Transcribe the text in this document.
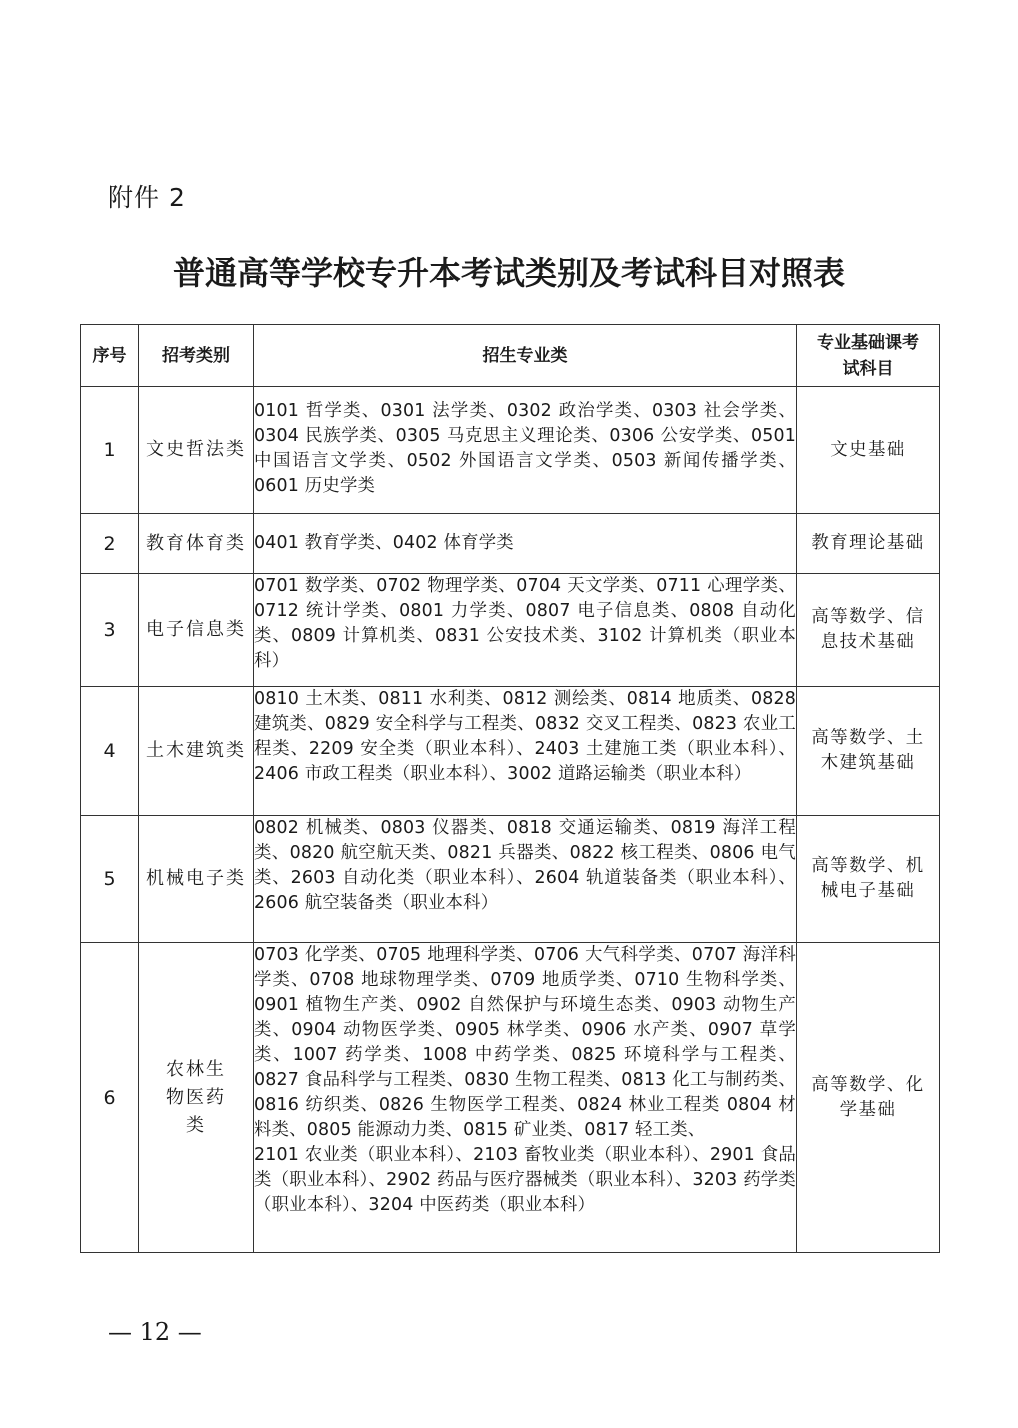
附件 2
普通高等学校专升本考试类别及考试科目对照表
序号	招考类别	招生专业类	专业基础课考试科目
1	文史哲法类	0101 哲学类、0301 法学类、0302 政治学类、0303 社会学类、0304 民族学类、0305 马克思主义理论类、0306 公安学类、0501 中国语言文学类、0502 外国语言文学类、0503 新闻传播学类、0601 历史学类	文史基础
2	教育体育类	0401 教育学类、0402 体育学类	教育理论基础
3	电子信息类	0701 数学类、0702 物理学类、0704 天文学类、0711 心理学类、0712 统计学类、0801 力学类、0807 电子信息类、0808 自动化类、0809 计算机类、0831 公安技术类、3102 计算机类（职业本科）	高等数学、信息技术基础
4	土木建筑类	0810 土木类、0811 水利类、0812 测绘类、0814 地质类、0828 建筑类、0829 安全科学与工程类、0832 交叉工程类、0823 农业工程类、2209 安全类（职业本科）、2403 土建施工类（职业本科）、2406 市政工程类（职业本科）、3002 道路运输类（职业本科）	高等数学、土木建筑基础
5	机械电子类	0802 机械类、0803 仪器类、0818 交通运输类、0819 海洋工程类、0820 航空航天类、0821 兵器类、0822 核工程类、0806 电气类、2603 自动化类（职业本科）、2604 轨道装备类（职业本科）、2606 航空装备类（职业本科）	高等数学、机械电子基础
6	农林生物医药类	0703 化学类、0705 地理科学类、0706 大气科学类、0707 海洋科学类、0708 地球物理学类、0709 地质学类、0710 生物科学类、0901 植物生产类、0902 自然保护与环境生态类、0903 动物生产类、0904 动物医学类、0905 林学类、0906 水产类、0907 草学类、1007 药学类、1008 中药学类、0825 环境科学与工程类、0827 食品科学与工程类、0830 生物工程类、0813 化工与制药类、0816 纺织类、0826 生物医学工程类、0824 林业工程类 0804 材料类、0805 能源动力类、0815 矿业类、0817 轻工类、
2101 农业类（职业本科）、2103 畜牧业类（职业本科）、2901 食品类（职业本科）、2902 药品与医疗器械类（职业本科）、3203 药学类（职业本科）、3204 中医药类（职业本科）	高等数学、化学基础
— 12 —
